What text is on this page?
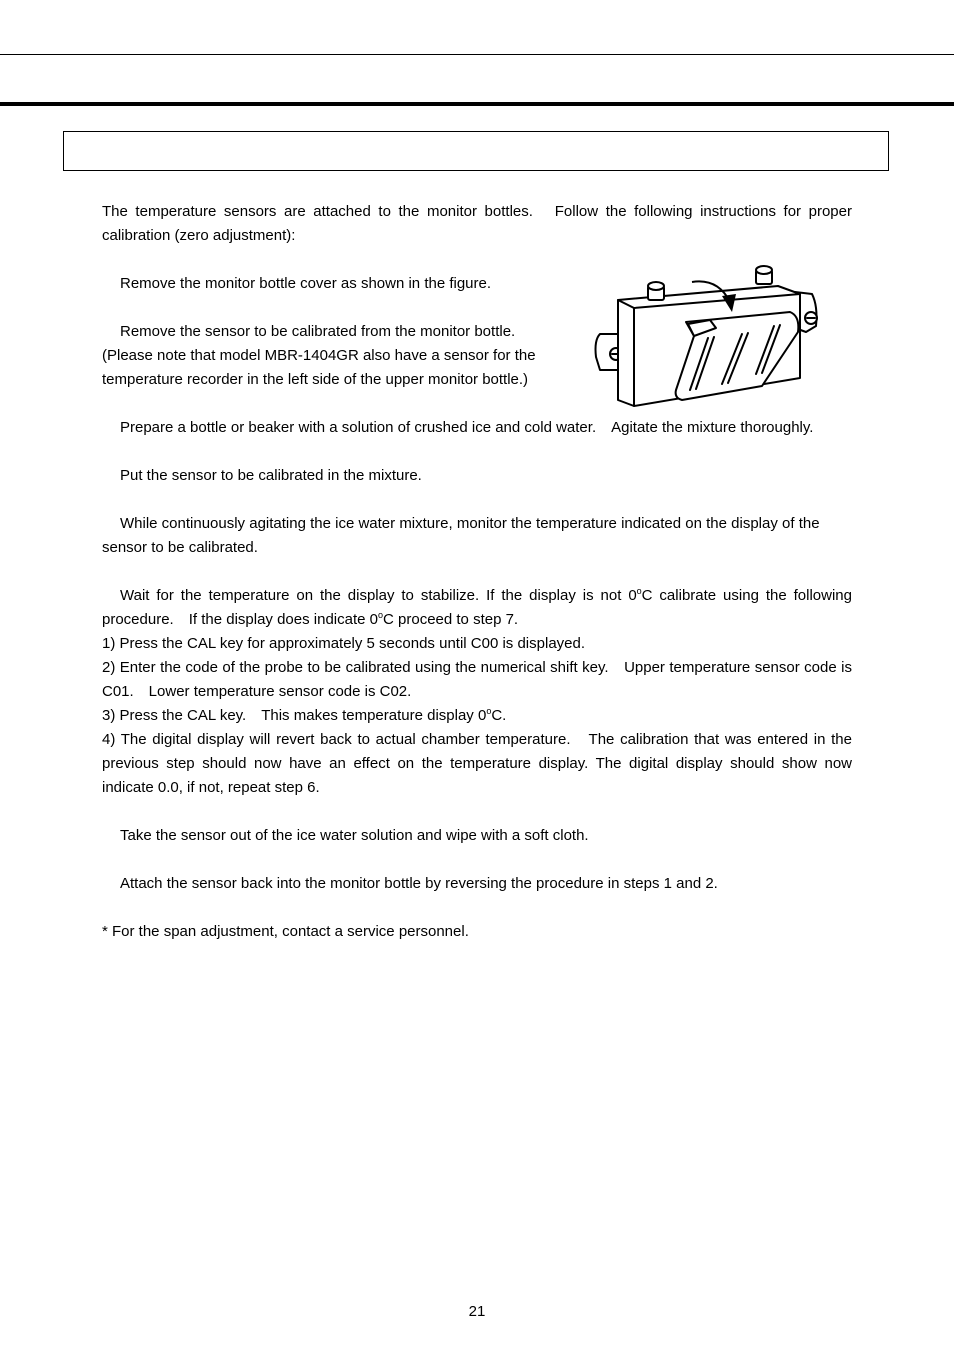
The temperature sensors are attached to the monitor bottles.　Follow the following instructions for proper calibration (zero adjustment):

Remove the monitor bottle cover as shown in the figure.

Remove the sensor to be calibrated from the monitor bottle. (Please note that model MBR-1404GR also have a sensor for the temperature recorder in the left side of the upper monitor bottle.)

Prepare a bottle or beaker with a solution of crushed ice and cold water.　Agitate the mixture thoroughly.

Put the sensor to be calibrated in the mixture.

While continuously agitating the ice water mixture, monitor the temperature indicated on the display of the sensor to be calibrated.

Wait for the temperature on the display to stabilize. If the display is not 0$^o$C calibrate using the following procedure.　If the display does indicate 0$^o$C proceed to step 7.

1) Press the CAL key for approximately 5 seconds until C00 is displayed.

2) Enter the code of the probe to be calibrated using the numerical shift key.　Upper temperature sensor code is C01.　Lower temperature sensor code is C02.

3) Press the CAL key.　This makes temperature display 0$^o$C.

4) The digital display will revert back to actual chamber temperature.　The calibration that was entered in the previous step should now have an effect on the temperature display. The digital display should show now indicate 0.0, if not, repeat step 6.

Take the sensor out of the ice water solution and wipe with a soft cloth.

Attach the sensor back into the monitor bottle by reversing the procedure in steps 1 and 2.

* For the span adjustment, contact a service personnel.

21
